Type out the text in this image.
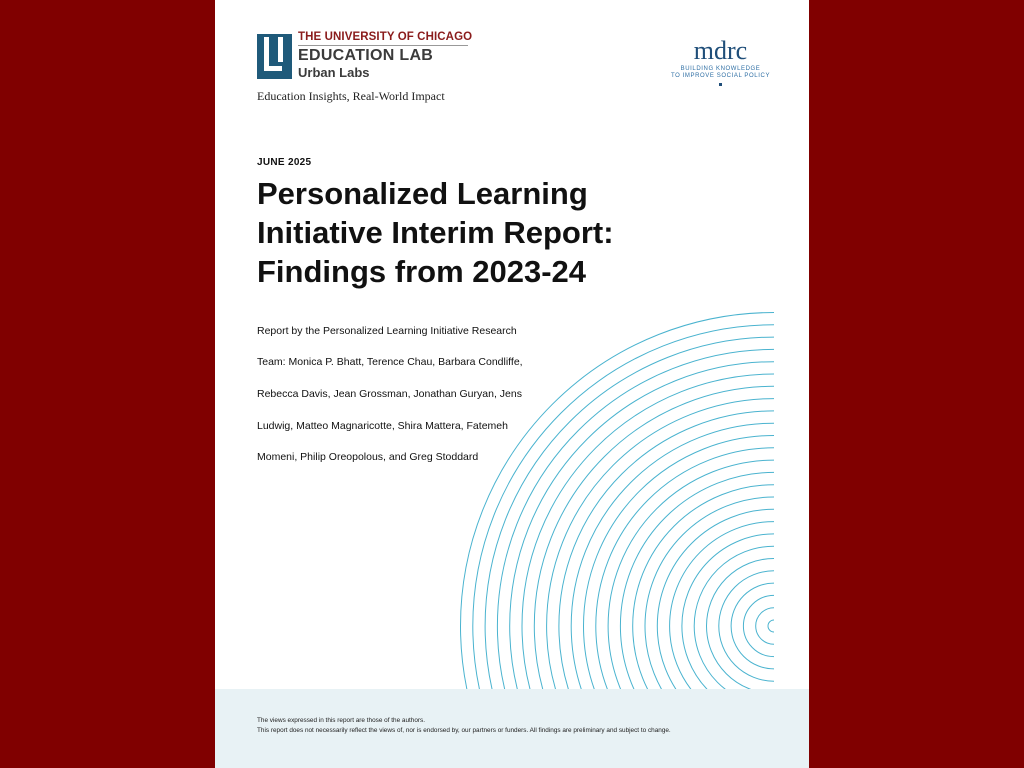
THE UNIVERSITY OF CHICAGO
EDUCATION LAB
Urban Labs
Education Insights, Real-World Impact
mdrc
BUILDING KNOWLEDGE
TO IMPROVE SOCIAL POLICY
JUNE 2025
Personalized Learning
Initiative Interim Report:
Findings from 2023-24

Report by the Personalized Learning Initiative Research

Team: Monica P. Bhatt, Terence Chau, Barbara Condliffe,

Rebecca Davis, Jean Grossman, Jonathan Guryan, Jens

Ludwig, Matteo Magnaricotte, Shira Mattera, Fatemeh

Momeni, Philip Oreopolous, and Greg Stoddard

The views expressed in this report are those of the authors.

This report does not necessarily reflect the views of, nor is endorsed by, our partners or funders. All findings are preliminary and subject to change.
